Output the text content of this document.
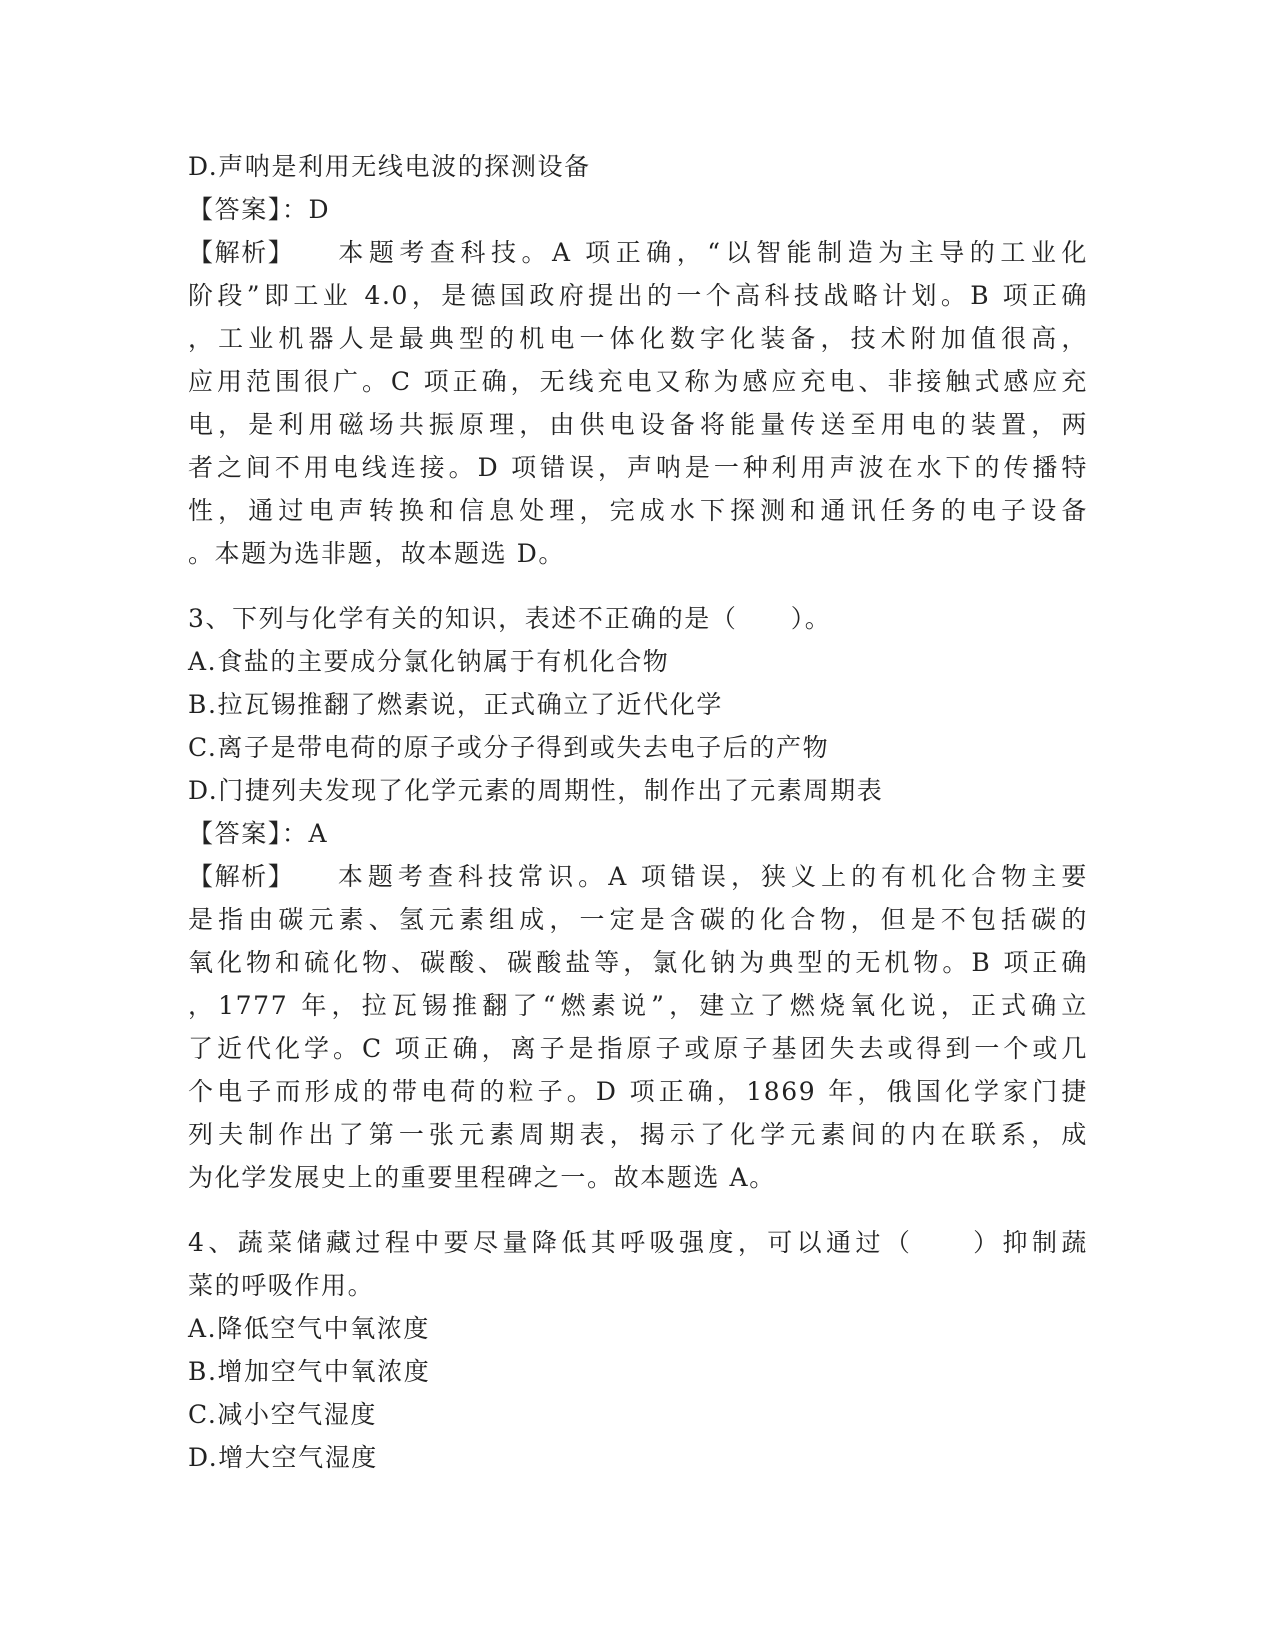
D.声呐是利用无线电波的探测设备
【答案】：D
【解析】 本题考查科技。A 项正确，“以智能制造为主导的工业化
阶段”即工业 4.0，是德国政府提出的一个高科技战略计划。B 项正确
，工业机器人是最典型的机电一体化数字化装备，技术附加值很高，
应用范围很广。C 项正确，无线充电又称为感应充电、非接触式感应充
电，是利用磁场共振原理，由供电设备将能量传送至用电的装置，两
者之间不用电线连接。D 项错误，声呐是一种利用声波在水下的传播特
性，通过电声转换和信息处理，完成水下探测和通讯任务的电子设备
。本题为选非题，故本题选 D。
3、下列与化学有关的知识，表述不正确的是（　　）。
A.食盐的主要成分氯化钠属于有机化合物
B.拉瓦锡推翻了燃素说，正式确立了近代化学
C.离子是带电荷的原子或分子得到或失去电子后的产物
D.门捷列夫发现了化学元素的周期性，制作出了元素周期表
【答案】：A
【解析】 本题考查科技常识。A 项错误，狭义上的有机化合物主要
是指由碳元素、氢元素组成，一定是含碳的化合物，但是不包括碳的
氧化物和硫化物、碳酸、碳酸盐等，氯化钠为典型的无机物。B 项正确
，1777 年，拉瓦锡推翻了“燃素说”，建立了燃烧氧化说，正式确立
了近代化学。C 项正确，离子是指原子或原子基团失去或得到一个或几
个电子而形成的带电荷的粒子。D 项正确，1869 年，俄国化学家门捷
列夫制作出了第一张元素周期表，揭示了化学元素间的内在联系，成
为化学发展史上的重要里程碑之一。故本题选 A。
4、蔬菜储藏过程中要尽量降低其呼吸强度，可以通过（　　）抑制蔬
菜的呼吸作用。
A.降低空气中氧浓度
B.增加空气中氧浓度
C.减小空气湿度
D.增大空气湿度
